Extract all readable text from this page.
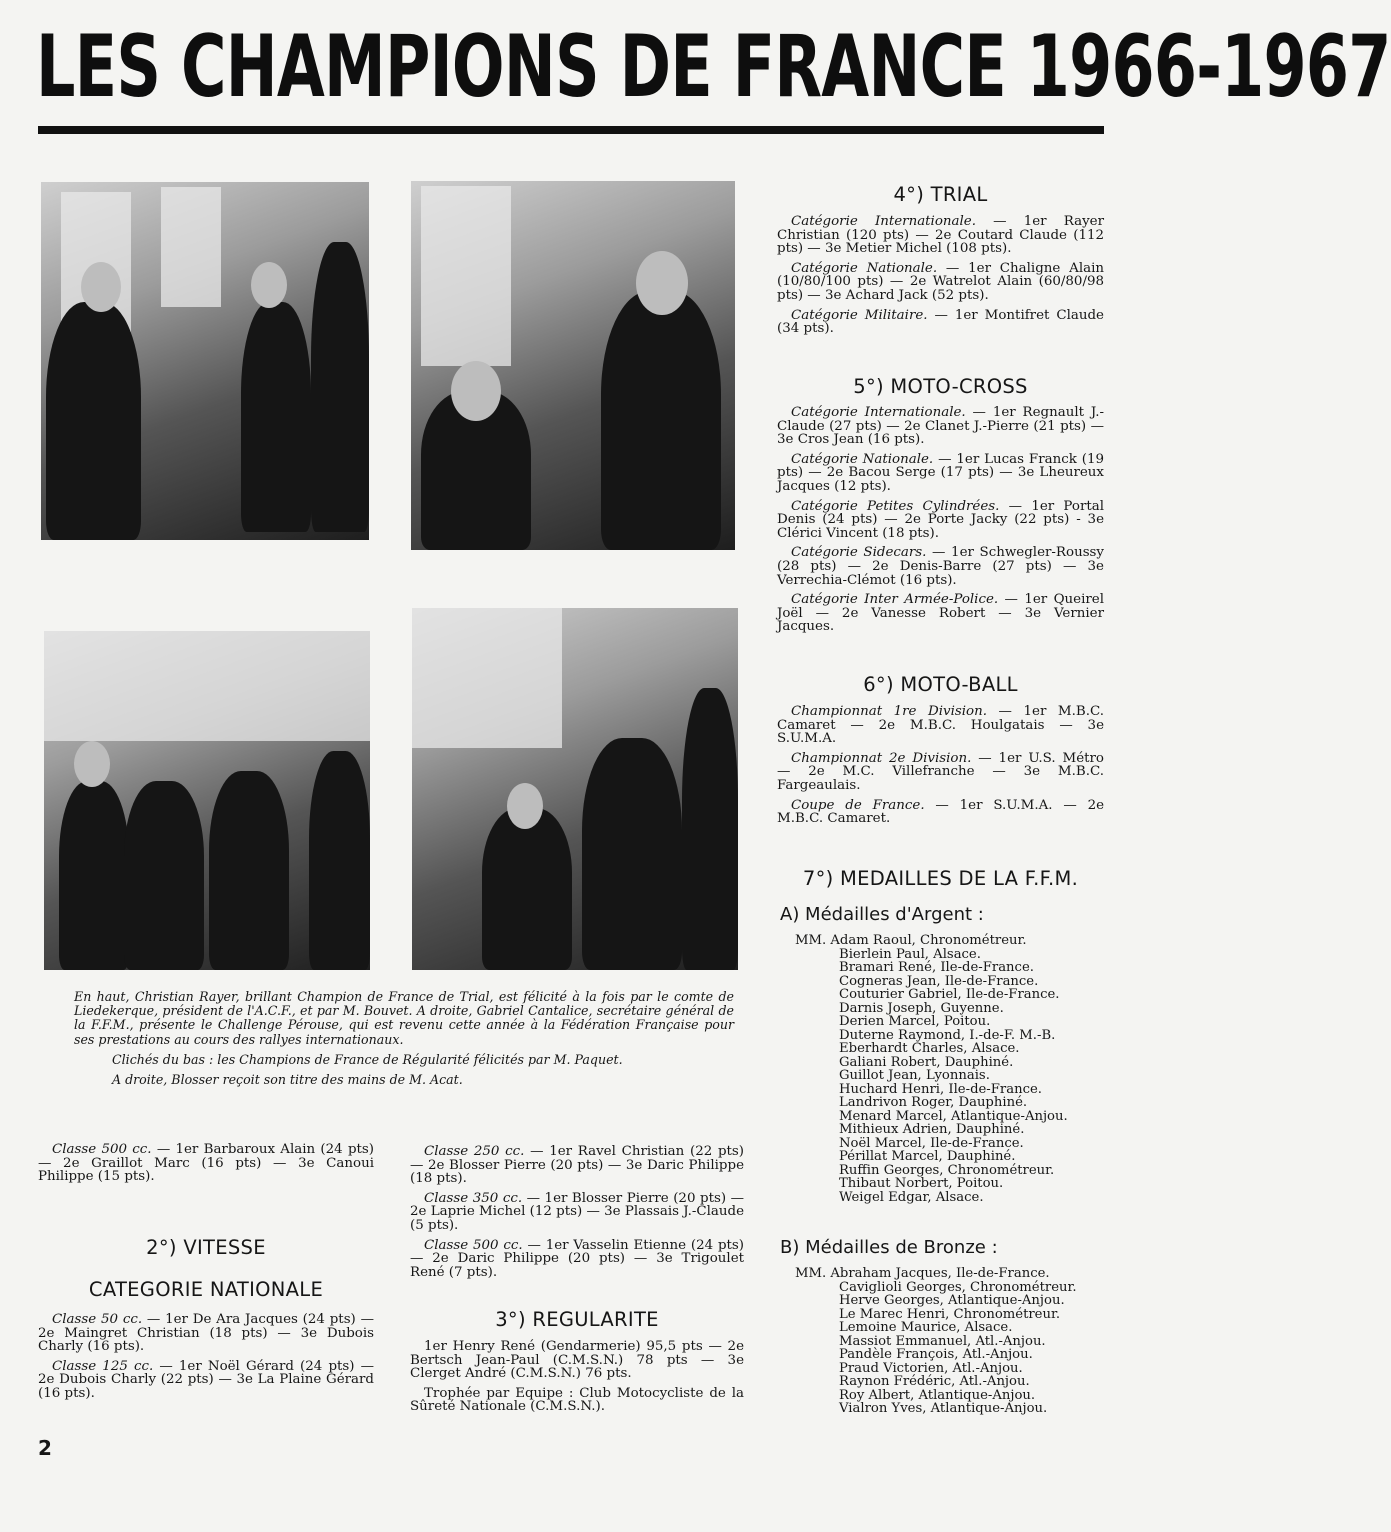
LES CHAMPIONS DE FRANCE 1966-1967

En haut, Christian Rayer, brillant Champion de France de Trial, est félicité à la fois par le comte de Liedekerque, président de l'A.C.F., et par M. Bouvet. A droite, Gabriel Cantalice, secrétaire général de la F.F.M., présente le Challenge Pérouse, qui est revenu cette année à la Fédération Française pour ses prestations au cours des rallyes internationaux.

Clichés du bas : les Champions de France de Régularité félicités par M. Paquet.

A droite, Blosser reçoit son titre des mains de M. Acat.

Classe 500 cc. — 1er Barbaroux Alain (24 pts) — 2e Graillot Marc (16 pts) — 3e Canoui Philippe (15 pts).

2°) VITESSE
CATEGORIE NATIONALE

Classe 50 cc. — 1er De Ara Jacques (24 pts) — 2e Maingret Christian (18 pts) — 3e Dubois Charly (16 pts).

Classe 125 cc. — 1er Noël Gérard (24 pts) — 2e Dubois Charly (22 pts) — 3e La Plaine Gérard (16 pts).

Classe 250 cc. — 1er Ravel Christian (22 pts) — 2e Blosser Pierre (20 pts) — 3e Daric Philippe (18 pts).

Classe 350 cc. — 1er Blosser Pierre (20 pts) — 2e Laprie Michel (12 pts) — 3e Plassais J.-Claude (5 pts).

Classe 500 cc. — 1er Vasselin Etienne (24 pts) — 2e Daric Philippe (20 pts) — 3e Trigoulet René (7 pts).

3°) REGULARITE

1er Henry René (Gendarmerie) 95,5 pts — 2e Bertsch Jean-Paul (C.M.S.N.) 78 pts — 3e Clerget André (C.M.S.N.) 76 pts.

Trophée par Equipe : Club Motocycliste de la Sûreté Nationale (C.M.S.N.).

4°) TRIAL

Catégorie Internationale. — 1er Rayer Christian (120 pts) — 2e Coutard Claude (112 pts) — 3e Metier Michel (108 pts).

Catégorie Nationale. — 1er Chaligne Alain (10/80/100 pts) — 2e Watrelot Alain (60/80/98 pts) — 3e Achard Jack (52 pts).

Catégorie Militaire. — 1er Montifret Claude (34 pts).

5°) MOTO-CROSS

Catégorie Internationale. — 1er Regnault J.-Claude (27 pts) — 2e Clanet J.-Pierre (21 pts) — 3e Cros Jean (16 pts).

Catégorie Nationale. — 1er Lucas Franck (19 pts) — 2e Bacou Serge (17 pts) — 3e Lheureux Jacques (12 pts).

Catégorie Petites Cylindrées. — 1er Portal Denis (24 pts) — 2e Porte Jacky (22 pts) - 3e Clérici Vincent (18 pts).

Catégorie Sidecars. — 1er Schwegler-Roussy (28 pts) — 2e Denis-Barre (27 pts) — 3e Verrechia-Clémot (16 pts).

Catégorie Inter Armée-Police. — 1er Queirel Joël — 2e Vanesse Robert — 3e Vernier Jacques.

6°) MOTO-BALL

Championnat 1re Division. — 1er M.B.C. Camaret — 2e M.B.C. Houlgatais — 3e S.U.M.A.

Championnat 2e Division. — 1er U.S. Métro — 2e M.C. Villefranche — 3e M.B.C. Fargeaulais.

Coupe de France. — 1er S.U.M.A. — 2e M.B.C. Camaret.

7°) MEDAILLES DE LA F.F.M.
A) Médailles d'Argent :
MM. Adam Raoul, Chronométreur.
Bierlein Paul, Alsace.
Bramari René, Ile-de-France.
Cogneras Jean, Ile-de-France.
Couturier Gabriel, Ile-de-France.
Darnis Joseph, Guyenne.
Derien Marcel, Poitou.
Duterne Raymond, I.-de-F. M.-B.
Eberhardt Charles, Alsace.
Galiani Robert, Dauphiné.
Guillot Jean, Lyonnais.
Huchard Henri, Ile-de-France.
Landrivon Roger, Dauphiné.
Menard Marcel, Atlantique-Anjou.
Mithieux Adrien, Dauphiné.
Noël Marcel, Ile-de-France.
Périllat Marcel, Dauphiné.
Ruffin Georges, Chronométreur.
Thibaut Norbert, Poitou.
Weigel Edgar, Alsace.
B) Médailles de Bronze :
MM. Abraham Jacques, Ile-de-France.
Caviglioli Georges, Chronométreur.
Herve Georges, Atlantique-Anjou.
Le Marec Henri, Chronométreur.
Lemoine Maurice, Alsace.
Massiot Emmanuel, Atl.-Anjou.
Pandèle François, Atl.-Anjou.
Praud Victorien, Atl.-Anjou.
Raynon Frédéric, Atl.-Anjou.
Roy Albert, Atlantique-Anjou.
Vialron Yves, Atlantique-Anjou.
2
